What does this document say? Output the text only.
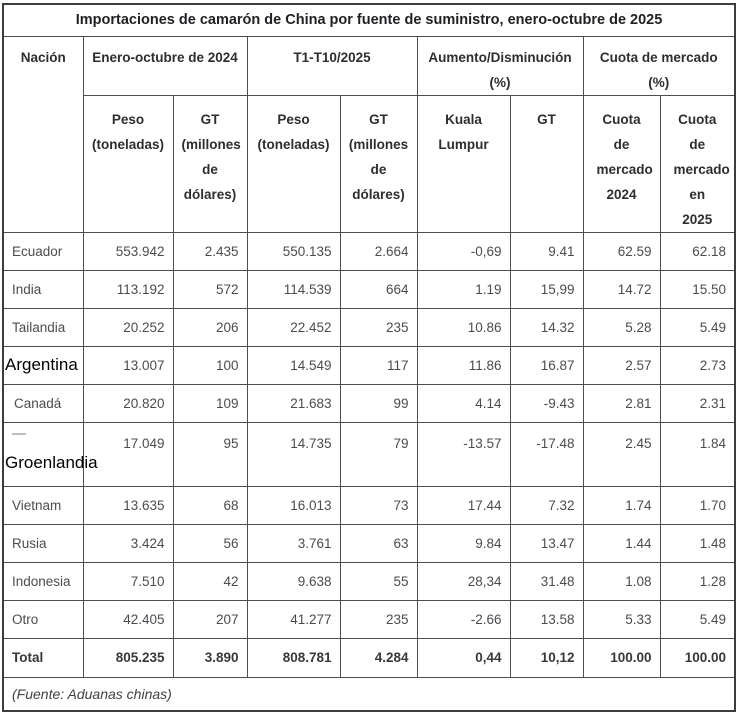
Importaciones de camarón de China por fuente de suministro, enero-octubre de 2025								
Nación	Enero-octubre de 2024		T1-T10/2025		Aumento/Disminución (%)		Cuota de mercado (%)	
	Peso (toneladas)	GT (millones de dólares)	Peso (toneladas)	GT (millones de dólares)	Kuala Lumpur	GT	Cuota de mercado 2024	Cuota de mercado en 2025
Ecuador	553.942	2.435	550.135	2.664	-0,69	9.41	62.59	62.18
India	113.192	572	114.539	664	1.19	15,99	14.72	15.50
Tailandia	20.252	206	22.452	235	10.86	14.32	5.28	5.49
Argentina	13.007	100	14.549	117	11.86	16.87	2.57	2.73
Canadá	20.820	109	21.683	99	4.14	-9.43	2.81	2.31

Groenlandia	17.049	95	14.735	79	-13.57	-17.48	2.45	1.84
Vietnam	13.635	68	16.013	73	17.44	7.32	1.74	1.70
Rusia	3.424	56	3.761	63	9.84	13.47	1.44	1.48
Indonesia	7.510	42	9.638	55	28,34	31.48	1.08	1.28
Otro	42.405	207	41.277	235	-2.66	13.58	5.33	5.49
Total	805.235	3.890	808.781	4.284	0,44	10,12	100.00	100.00
(Fuente: Aduanas chinas)								
